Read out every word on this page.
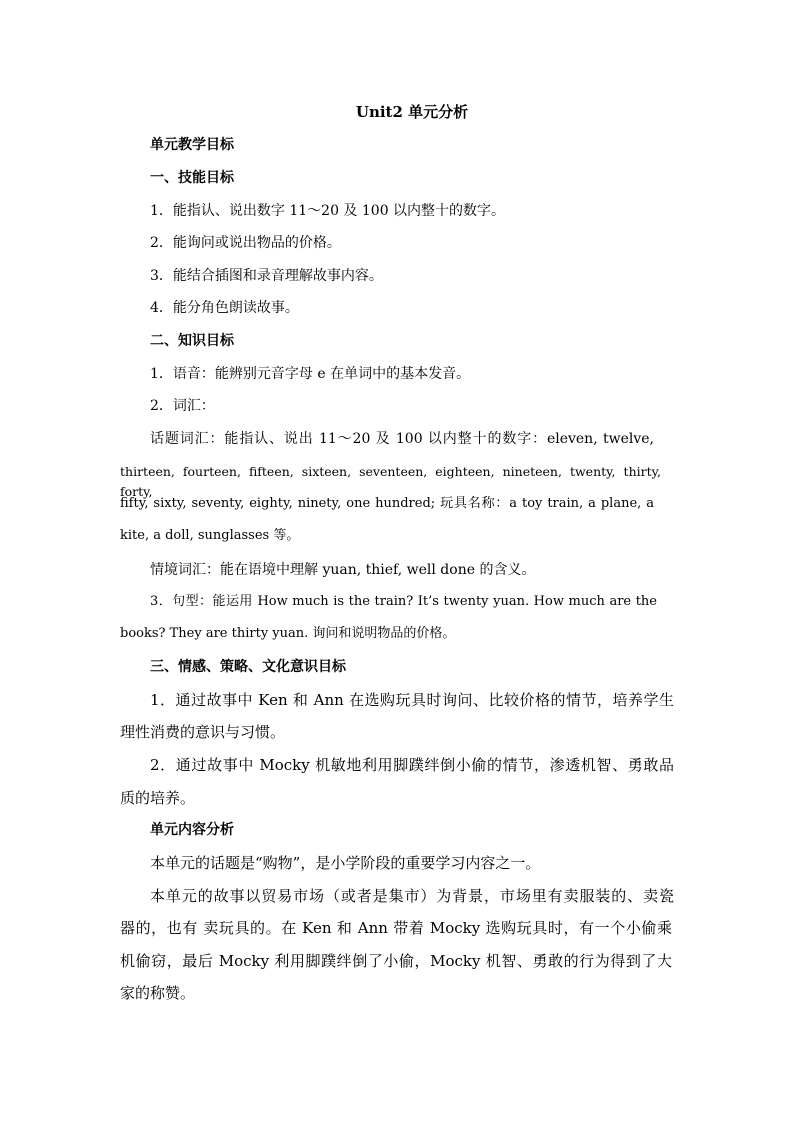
Unit2 单元分析
单元教学目标
一、技能目标
1．能指认、说出数字 11～20 及 100 以内整十的数字。
2．能询问或说出物品的价格。
3．能结合插图和录音理解故事内容。
4．能分角色朗读故事。
二、知识目标
1．语音：能辨别元音字母 e 在单词中的基本发音。
2．词汇：
话题词汇：能指认、说出 11～20 及 100 以内整十的数字：eleven, twelve,
thirteen, fourteen, fifteen, sixteen, seventeen, eighteen, nineteen, twenty, thirty, forty,
fifty, sixty, seventy, eighty, ninety, one hundred; 玩具名称：a toy train, a plane, a
kite, a doll, sunglasses 等。
情境词汇：能在语境中理解 yuan, thief, well done 的含义。
3．句型：能运用 How much is the train? It’s twenty yuan. How much are the
books? They are thirty yuan. 询问和说明物品的价格。
三、情感、策略、文化意识目标
1．通过故事中 Ken 和 Ann 在选购玩具时询问、比较价格的情节，培养学生
理性消费的意识与习惯。
2．通过故事中 Mocky 机敏地利用脚蹼绊倒小偷的情节，渗透机智、勇敢品
质的培养。
单元内容分析
本单元的话题是“购物”，是小学阶段的重要学习内容之一。
本单元的故事以贸易市场（或者是集市）为背景，市场里有卖服装的、卖瓷
器的，也有 卖玩具的。在 Ken 和 Ann 带着 Mocky 选购玩具时，有一个小偷乘
机偷窃，最后 Mocky 利用脚蹼绊倒了小偷，Mocky 机智、勇敢的行为得到了大
家的称赞。
